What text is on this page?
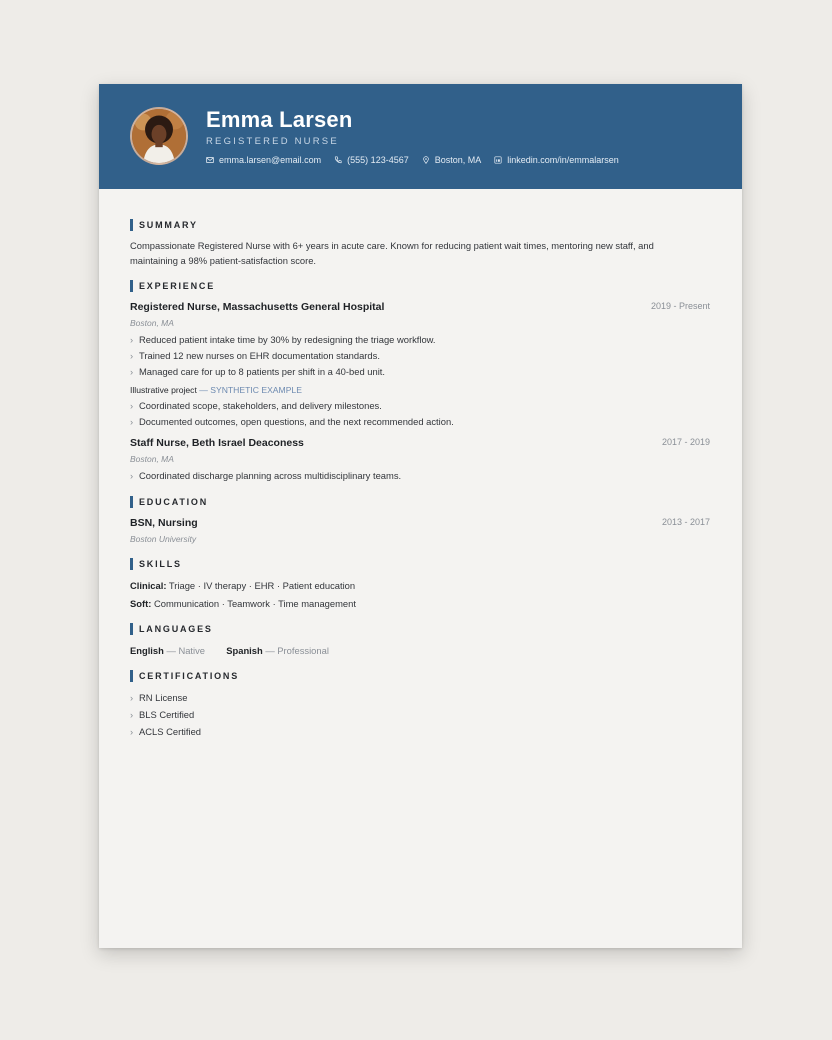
Emma Larsen
REGISTERED NURSE
emma.larsen@email.com	(555) 123-4567	Boston, MA	linkedin.com/in/emmalarsen
SUMMARY
Compassionate Registered Nurse with 6+ years in acute care. Known for reducing patient wait times, mentoring new staff, and maintaining a 98% patient-satisfaction score.
EXPERIENCE
Registered Nurse, Massachusetts General Hospital	2019 - Present
Boston, MA
› Reduced patient intake time by 30% by redesigning the triage workflow.
› Trained 12 new nurses on EHR documentation standards.
› Managed care for up to 8 patients per shift in a 40-bed unit.
Illustrative project — SYNTHETIC EXAMPLE
› Coordinated scope, stakeholders, and delivery milestones.
› Documented outcomes, open questions, and the next recommended action.
Staff Nurse, Beth Israel Deaconess	2017 - 2019
Boston, MA
› Coordinated discharge planning across multidisciplinary teams.
EDUCATION
BSN, Nursing	2013 - 2017
Boston University
SKILLS
Clinical: Triage · IV therapy · EHR · Patient education
Soft: Communication · Teamwork · Time management
LANGUAGES
English — Native Spanish — Professional
CERTIFICATIONS
› RN License
› BLS Certified
› ACLS Certified
